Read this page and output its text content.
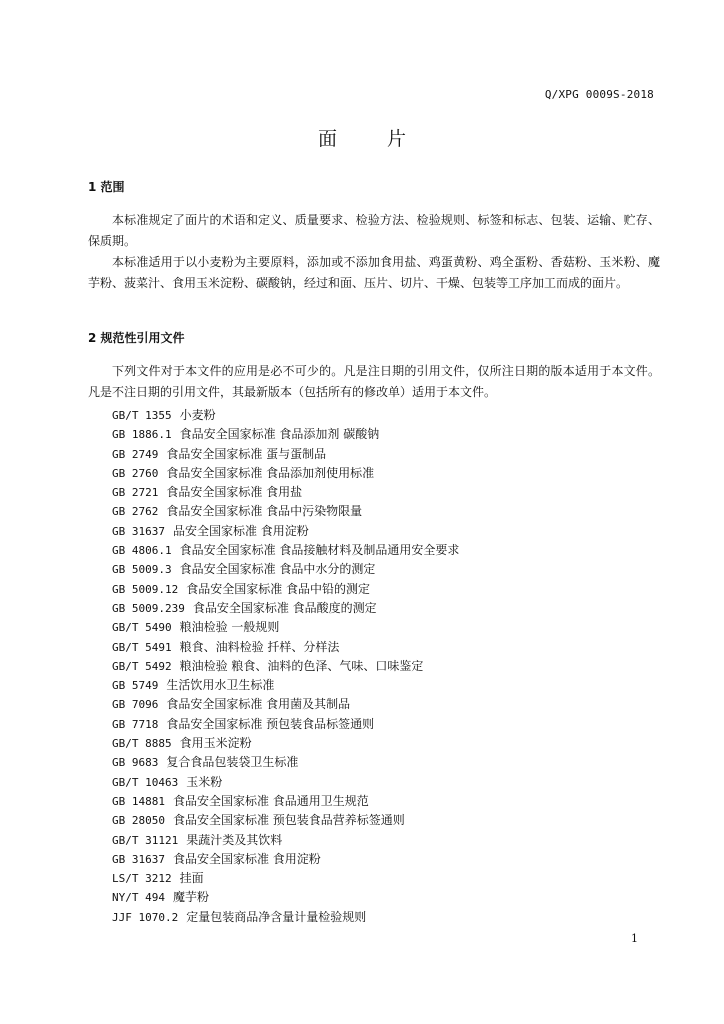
Q/XPG 0009S-2018
面 片
1 范围

本标准规定了面片的术语和定义、质量要求、检验方法、检验规则、标签和标志、包装、运输、贮存、保质期。

本标准适用于以小麦粉为主要原料，添加或不添加食用盐、鸡蛋黄粉、鸡全蛋粉、香菇粉、玉米粉、魔芋粉、菠菜汁、食用玉米淀粉、碳酸钠，经过和面、压片、切片、干燥、包装等工序加工而成的面片。

2 规范性引用文件

下列文件对于本文件的应用是必不可少的。凡是注日期的引用文件，仅所注日期的版本适用于本文件。凡是不注日期的引用文件，其最新版本（包括所有的修改单）适用于本文件。

GB/T 1355 小麦粉
GB 1886.1 食品安全国家标准 食品添加剂 碳酸钠
GB 2749 食品安全国家标准 蛋与蛋制品
GB 2760 食品安全国家标准 食品添加剂使用标准
GB 2721 食品安全国家标准 食用盐
GB 2762 食品安全国家标准 食品中污染物限量
GB 31637 品安全国家标准 食用淀粉
GB 4806.1 食品安全国家标准 食品接触材料及制品通用安全要求
GB 5009.3 食品安全国家标准 食品中水分的测定
GB 5009.12 食品安全国家标准 食品中铅的测定
GB 5009.239 食品安全国家标准 食品酸度的测定
GB/T 5490 粮油检验 一般规则
GB/T 5491 粮食、油料检验 扦样、分样法
GB/T 5492 粮油检验 粮食、油料的色泽、气味、口味鉴定
GB 5749 生活饮用水卫生标准
GB 7096 食品安全国家标准 食用菌及其制品
GB 7718 食品安全国家标准 预包装食品标签通则
GB/T 8885 食用玉米淀粉
GB 9683 复合食品包装袋卫生标准
GB/T 10463 玉米粉
GB 14881 食品安全国家标准 食品通用卫生规范
GB 28050 食品安全国家标准 预包装食品营养标签通则
GB/T 31121 果蔬汁类及其饮料
GB 31637 食品安全国家标准 食用淀粉
LS/T 3212 挂面
NY/T 494 魔芋粉
JJF 1070.2 定量包装商品净含量计量检验规则
1
